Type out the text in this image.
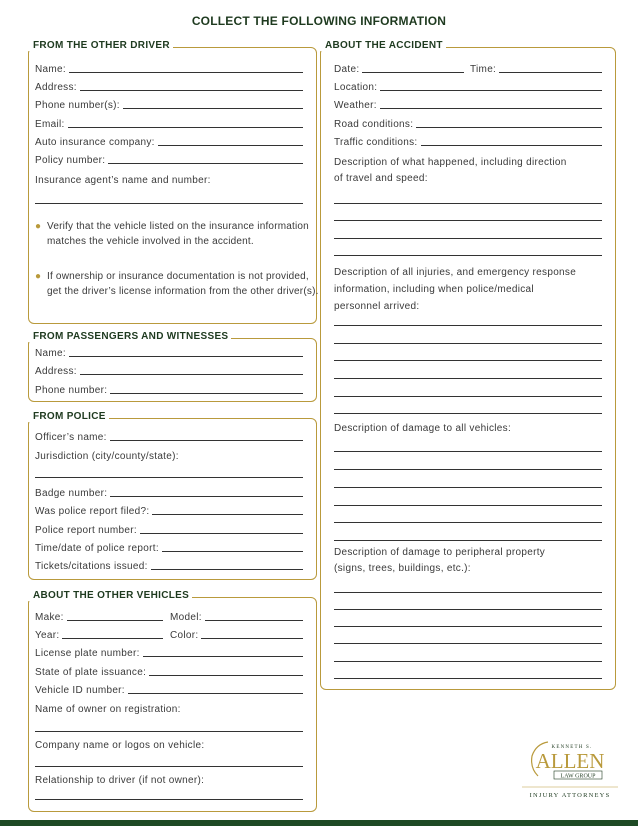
COLLECT THE FOLLOWING INFORMATION
FROM THE OTHER DRIVER
Name:
Address:
Phone number(s):
Email:
Auto insurance company:
Policy number:
Insurance agent’s name and number:
● Verify that the vehicle listed on the insurance information matches the vehicle involved in the accident.
● If ownership or insurance documentation is not provided, get the driver’s license information from the other driver(s).
FROM PASSENGERS AND WITNESSES
Name:
Address:
Phone number:
FROM POLICE
Officer’s name:
Jurisdiction (city/county/state):
Badge number:
Was police report filed?:
Police report number:
Time/date of police report:
Tickets/citations issued:
ABOUT THE OTHER VEHICLES
Make:	Model:
Year:	Color:
License plate number:
State of plate issuance:
Vehicle ID number:
Name of owner on registration:
Company name or logos on vehicle:
Relationship to driver (if not owner):
ABOUT THE ACCIDENT
Date:	Time:
Location:
Weather:
Road conditions:
Traffic conditions:
Description of what happened, including direction
of travel and speed:
Description of all injuries, and emergency response
information, including when police/medical
personnel arrived:
Description of damage to all vehicles:
Description of damage to peripheral property
(signs, trees, buildings, etc.):
KENNETH S.
ALLEN
LAW GROUP
INJURY ATTORNEYS
